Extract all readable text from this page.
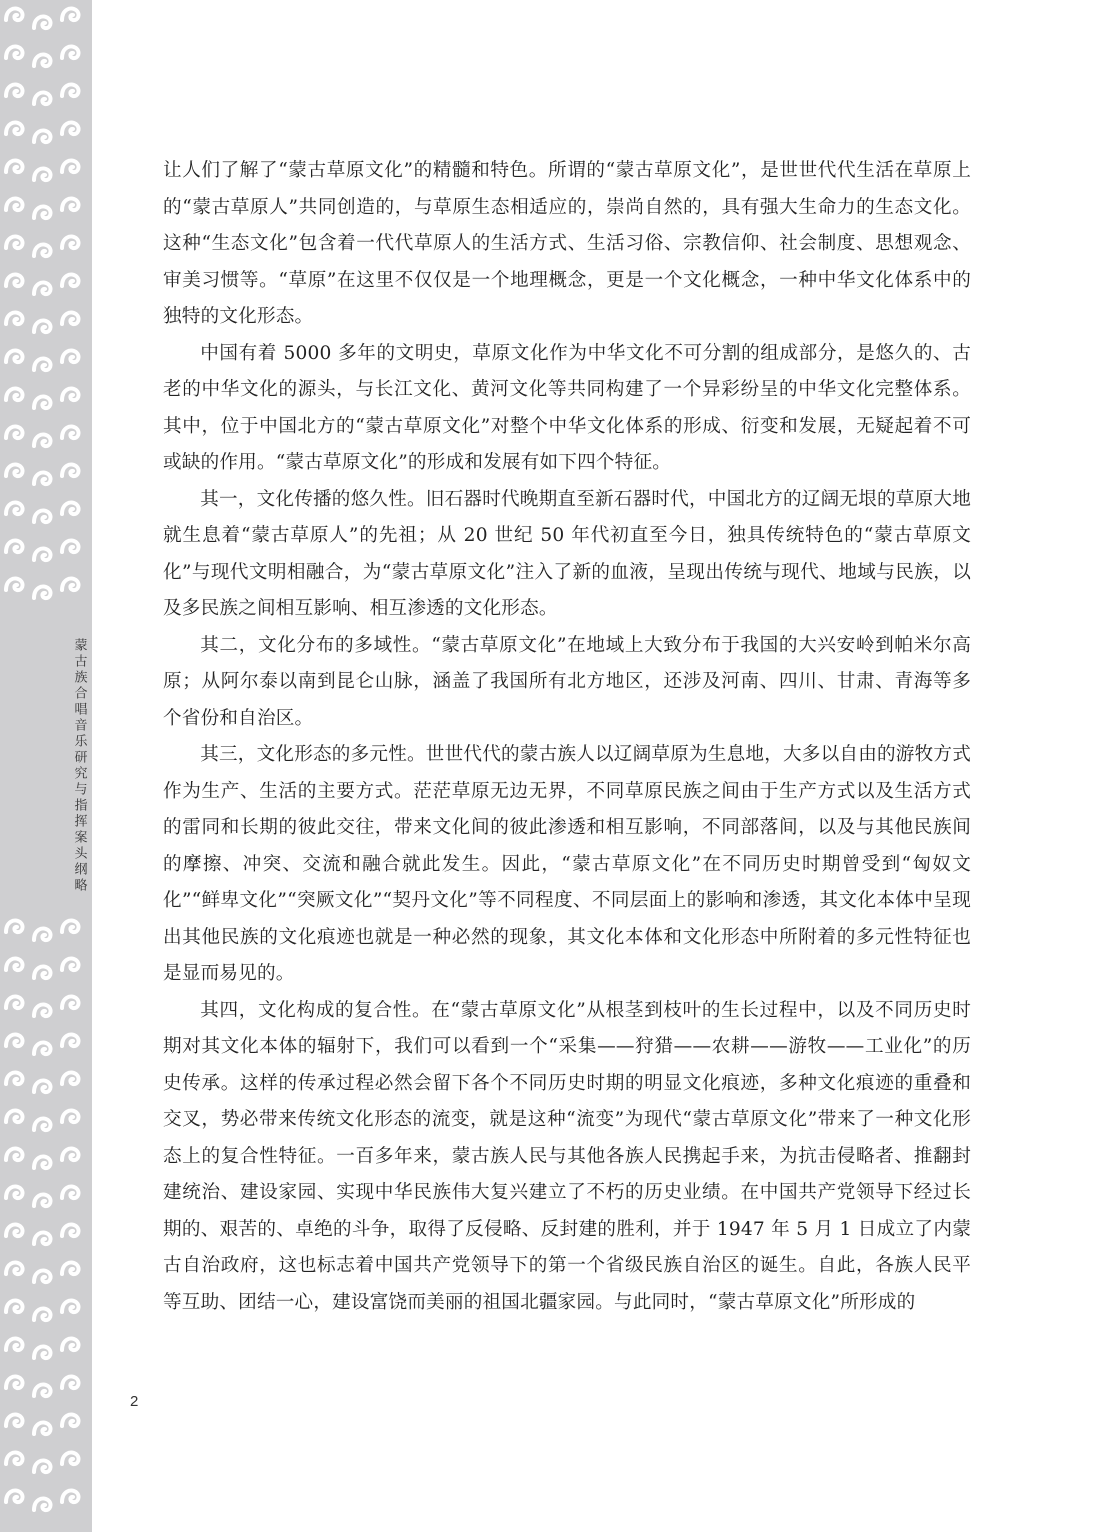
蒙古族合唱音乐研究与指挥案头纲略

让人们了解了“蒙古草原文化”的精髓和特色。所谓的“蒙古草原文化”，是世世代代生活在草原上的“蒙古草原人”共同创造的，与草原生态相适应的，崇尚自然的，具有强大生命力的生态文化。这种“生态文化”包含着一代代草原人的生活方式、生活习俗、宗教信仰、社会制度、思想观念、审美习惯等。“草原”在这里不仅仅是一个地理概念，更是一个文化概念，一种中华文化体系中的独特的文化形态。

中国有着 5000 多年的文明史，草原文化作为中华文化不可分割的组成部分，是悠久的、古老的中华文化的源头，与长江文化、黄河文化等共同构建了一个异彩纷呈的中华文化完整体系。其中，位于中国北方的“蒙古草原文化”对整个中华文化体系的形成、衍变和发展，无疑起着不可或缺的作用。“蒙古草原文化”的形成和发展有如下四个特征。

其一，文化传播的悠久性。旧石器时代晚期直至新石器时代，中国北方的辽阔无垠的草原大地就生息着“蒙古草原人”的先祖；从 20 世纪 50 年代初直至今日，独具传统特色的“蒙古草原文化”与现代文明相融合，为“蒙古草原文化”注入了新的血液，呈现出传统与现代、地域与民族，以及多民族之间相互影响、相互渗透的文化形态。

其二，文化分布的多域性。“蒙古草原文化”在地域上大致分布于我国的大兴安岭到帕米尔高原；从阿尔泰以南到昆仑山脉，涵盖了我国所有北方地区，还涉及河南、四川、甘肃、青海等多个省份和自治区。

其三，文化形态的多元性。世世代代的蒙古族人以辽阔草原为生息地，大多以自由的游牧方式作为生产、生活的主要方式。茫茫草原无边无界，不同草原民族之间由于生产方式以及生活方式的雷同和长期的彼此交往，带来文化间的彼此渗透和相互影响，不同部落间，以及与其他民族间的摩擦、冲突、交流和融合就此发生。因此，“蒙古草原文化”在不同历史时期曾受到“匈奴文化”“鲜卑文化”“突厥文化”“契丹文化”等不同程度、不同层面上的影响和渗透，其文化本体中呈现出其他民族的文化痕迹也就是一种必然的现象，其文化本体和文化形态中所附着的多元性特征也是显而易见的。

其四，文化构成的复合性。在“蒙古草原文化”从根茎到枝叶的生长过程中，以及不同历史时期对其文化本体的辐射下，我们可以看到一个“采集——狩猎——农耕——游牧——工业化”的历史传承。这样的传承过程必然会留下各个不同历史时期的明显文化痕迹，多种文化痕迹的重叠和交叉，势必带来传统文化形态的流变，就是这种“流变”为现代“蒙古草原文化”带来了一种文化形态上的复合性特征。一百多年来，蒙古族人民与其他各族人民携起手来，为抗击侵略者、推翻封建统治、建设家园、实现中华民族伟大复兴建立了不朽的历史业绩。在中国共产党领导下经过长期的、艰苦的、卓绝的斗争，取得了反侵略、反封建的胜利，并于 1947 年 5 月 1 日成立了内蒙古自治政府，这也标志着中国共产党领导下的第一个省级民族自治区的诞生。自此，各族人民平等互助、团结一心，建设富饶而美丽的祖国北疆家园。与此同时，“蒙古草原文化”所形成的

2
